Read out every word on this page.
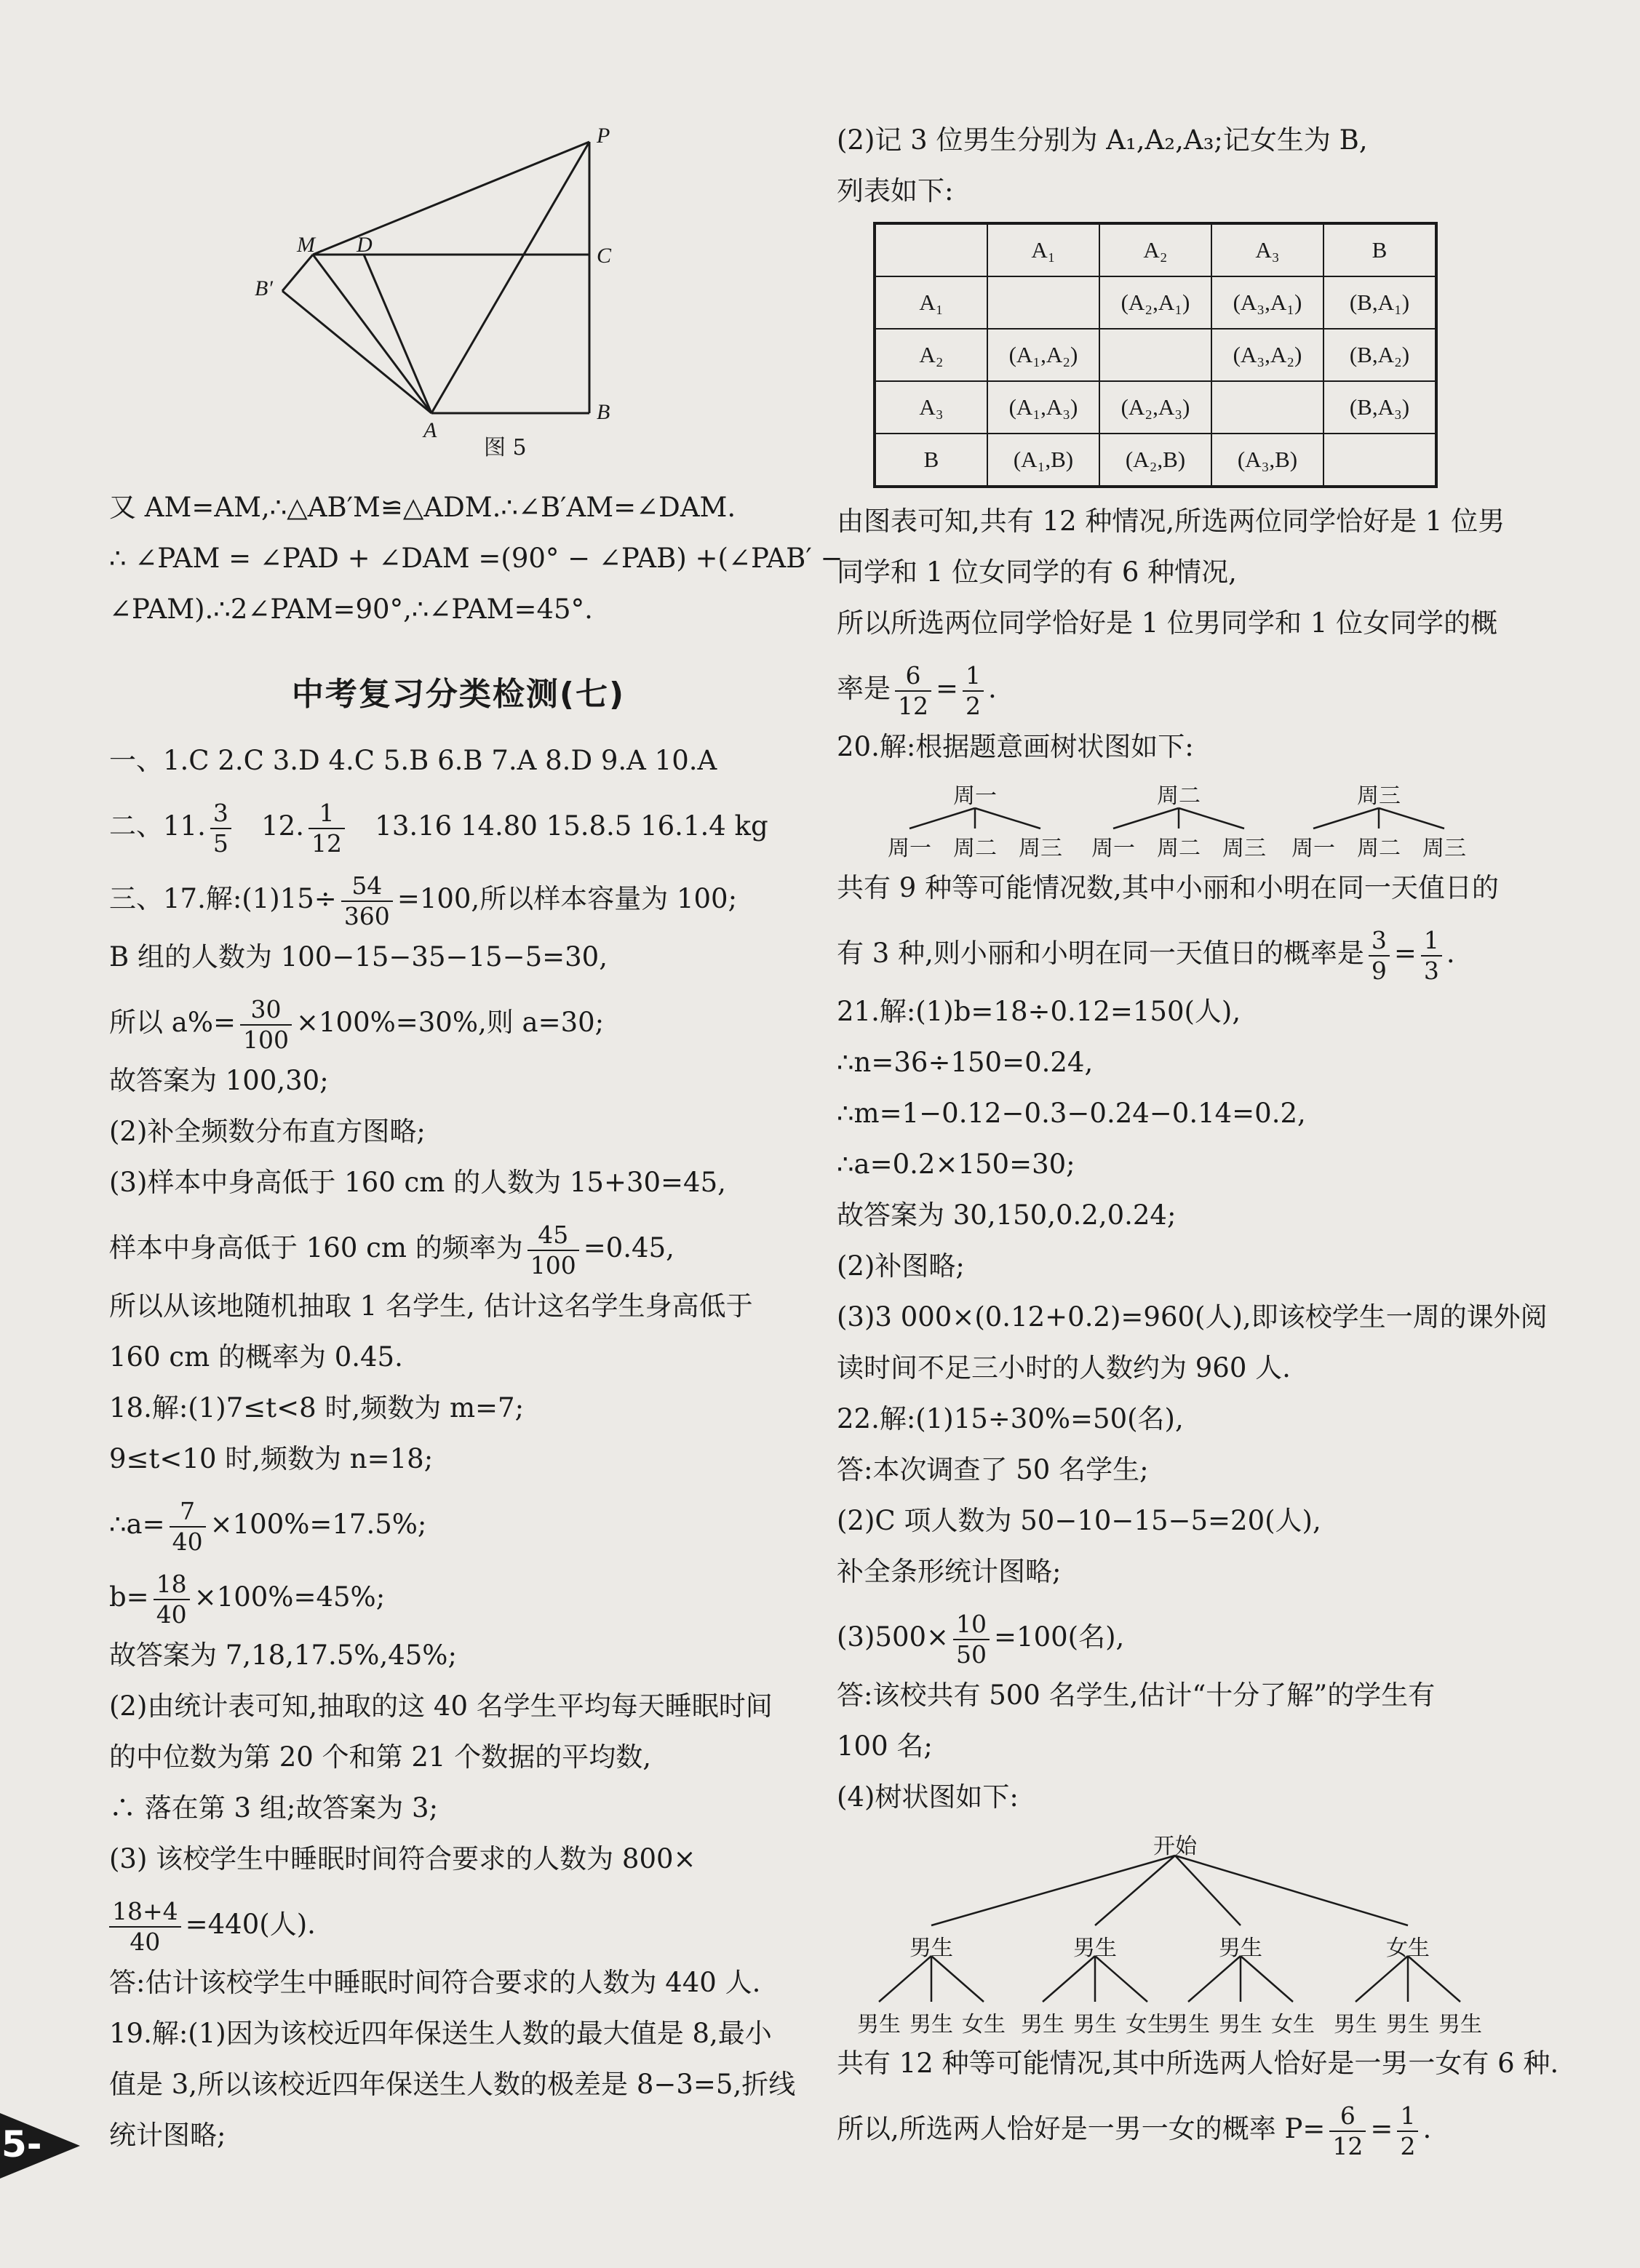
P
M D	C
B′
A
B
图 5

又 AM=AM,∴△AB′M≌△ADM.∴∠B′AM=∠DAM.

∴ ∠PAM = ∠PAD + ∠DAM =(90° − ∠PAB) +(∠PAB′ −

∠PAM).∴2∠PAM=90°,∴∠PAM=45°.

中考复习分类检测(七)

一、1.C 2.C 3.D 4.C 5.B 6.B 7.A 8.D 9.A 10.A

二、11. $\frac{3}{5} 12$. $\frac{1}{12} 13.16$ 14.80 15.8.5 16.1.4 kg

三、17.解:(1)15÷ $\frac{54}{360} =100$,所以样本容量为 100;

B 组的人数为 100−15−35−15−5=30,

所以 $a\%= \frac{30}{100} \times 100\%=30\%$,则 a=30;

故答案为 100,30;

(2)补全频数分布直方图略;

(3)样本中身高低于 160 cm 的人数为 15+30=45,

样本中身高低于 160 cm 的频率为 $\frac{45}{100} =0.45$,

所以从该地随机抽取 1 名学生, 估计这名学生身高低于

160 cm 的概率为 0.45.

18.解:(1)7≤t<8 时,频数为 m=7;

9≤t<10 时,频数为 n=18;

∴a= $\frac{7}{40} \times 100\%=17.5\%$;

$b= \frac{18}{40} \times 100\%=45\%$;

故答案为 7,18,17.5%,45%;

(2)由统计表可知,抽取的这 40 名学生平均每天睡眠时间

的中位数为第 20 个和第 21 个数据的平均数,

∴ 落在第 3 组;故答案为 3;

(3) 该校学生中睡眠时间符合要求的人数为 800×

$\frac{18+4}{40} =440$(人).

答:估计该校学生中睡眠时间符合要求的人数为 440 人.

19.解:(1)因为该校近四年保送生人数的最大值是 8,最小

值是 3,所以该校近四年保送生人数的极差是 8−3=5,折线

统计图略;

(2)记 3 位男生分别为 A₁,A₂,A₃;记女生为 B,

列表如下:

	A₁	A₂	A₃	B
A₁		(A₂,A₁)	(A₃,A₁)	(B,A₁)
A₂	(A₁,A₂)		(A₃,A₂)	(B,A₂)
A₃	(A₁,A₃)	(A₂,A₃)		(B,A₃)
B	(A₁,B)	(A₂,B)	(A₃,B)	

由图表可知,共有 12 种情况,所选两位同学恰好是 1 位男

同学和 1 位女同学的有 6 种情况,

所以所选两位同学恰好是 1 位男同学和 1 位女同学的概

率是 $\frac{6}{12} = \frac{1}{2}$ .

20.解:根据题意画树状图如下:

周一	周二	周三
周一 周二 周三 周一 周二 周三 周一 周二 周三

共有 9 种等可能情况数,其中小丽和小明在同一天值日的

有 3 种,则小丽和小明在同一天值日的概率是 $\frac{3}{9} = \frac{1}{3}$ .

21.解:(1)b=18÷0.12=150(人),

∴n=36÷150=0.24,

∴m=1−0.12−0.3−0.24−0.14=0.2,

∴a=0.2×150=30;

故答案为 30,150,0.2,0.24;

(2)补图略;

(3)3 000×(0.12+0.2)=960(人),即该校学生一周的课外阅

读时间不足三小时的人数约为 960 人.

22.解:(1)15÷30%=50(名),

答:本次调查了 50 名学生;

(2)C 项人数为 50−10−15−5=20(人),

补全条形统计图略;

$(3)500\times \frac{10}{50} =100$(名),

答:该校共有 500 名学生,估计“十分了解”的学生有

100 名;

(4)树状图如下:

开始
男生	男生	男生	女生
男生 男生 女生 男生 男生 女生
男生 男生 女生 男生 男生 男生

共有 12 种等可能情况,其中所选两人恰好是一男一女有 6 种.

所以,所选两人恰好是一男一女的概率 $P= \frac{6}{12} = \frac{1}{2}$ .

5-
